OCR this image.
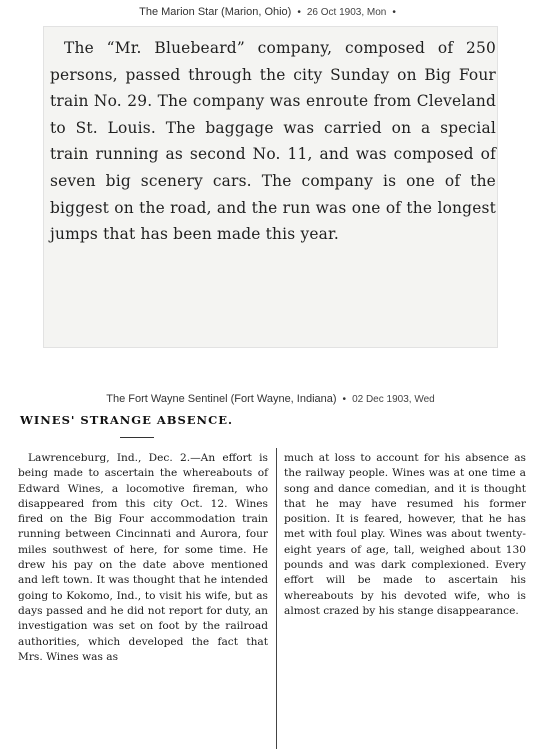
The Marion Star (Marion, Ohio) • 26 Oct 1903, Mon •
The “Mr. Bluebeard” company, composed of 250 persons, passed through the city Sunday on Big Four train No. 29. The company was enroute from Cleveland to St. Louis. The baggage was carried on a special train running as second No. 11, and was composed of seven big scenery cars. The company is one of the biggest on the road, and the run was one of the longest jumps that has been made this year.
The Fort Wayne Sentinel (Fort Wayne, Indiana) • 02 Dec 1903, Wed
WINES' STRANGE ABSENCE.
Lawrenceburg, Ind., Dec. 2.—An effort is being made to ascertain the whereabouts of Edward Wines, a locomotive fireman, who disappeared from this city Oct. 12. Wines fired on the Big Four accommodation train running between Cincinnati and Aurora, four miles southwest of here, for some time. He drew his pay on the date above mentioned and left town. It was thought that he intended going to Kokomo, Ind., to visit his wife, but as days passed and he did not report for duty, an investigation was set on foot by the railroad authorities, which developed the fact that Mrs. Wines was as
much at loss to account for his absence as the railway people. Wines was at one time a song and dance comedian, and it is thought that he may have resumed his former position. It is feared, however, that he has met with foul play. Wines was about twenty-eight years of age, tall, weighed about 130 pounds and was dark complexioned. Every effort will be made to ascertain his whereabouts by his devoted wife, who is almost crazed by his stange disappearance.
